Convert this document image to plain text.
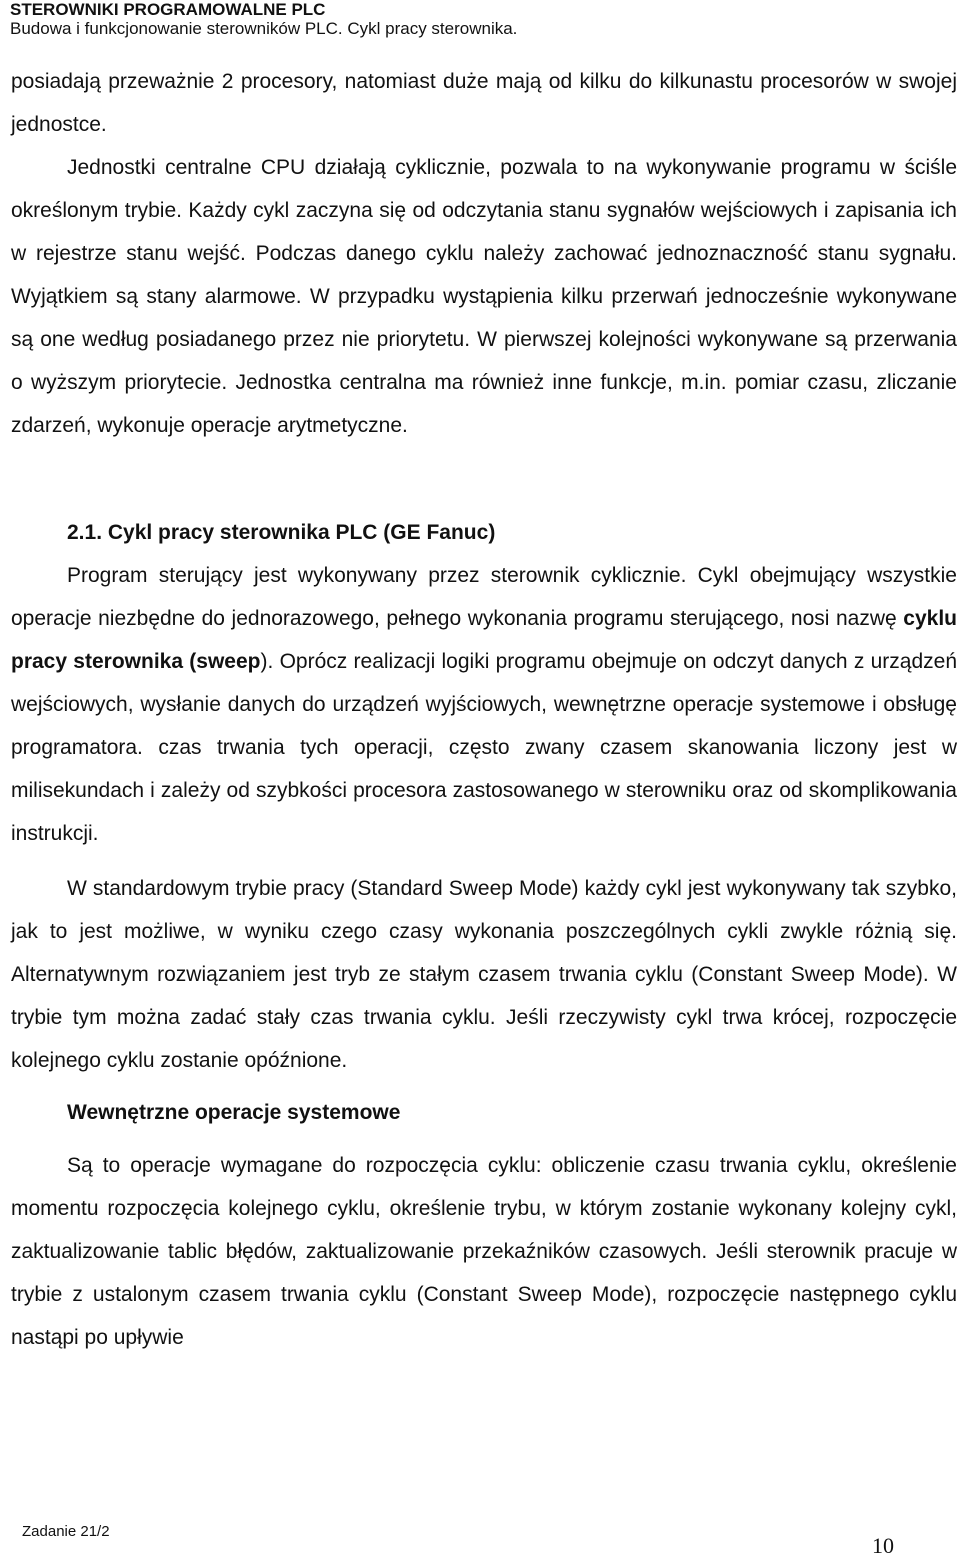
STEROWNIKI PROGRAMOWALNE PLC
Budowa i funkcjonowanie sterowników PLC. Cykl pracy sterownika.

posiadają przeważnie 2 procesory, natomiast duże mają od kilku do kilkunastu procesorów w swojej jednostce.

Jednostki centralne CPU działają cyklicznie, pozwala to na wykonywanie programu w ściśle określonym trybie. Każdy cykl zaczyna się od odczytania stanu sygnałów wejściowych i zapisania ich w rejestrze stanu wejść. Podczas danego cyklu należy zachować jednoznaczność stanu sygnału. Wyjątkiem są stany alarmowe. W przypadku wystąpienia kilku przerwań jednocześnie wykonywane są one według posiadanego przez nie priorytetu. W pierwszej kolejności wykonywane są przerwania o wyższym priorytecie. Jednostka centralna ma również inne funkcje, m.in. pomiar czasu, zliczanie zdarzeń, wykonuje operacje arytmetyczne.

2.1. Cykl pracy sterownika PLC (GE Fanuc)

Program sterujący jest wykonywany przez sterownik cyklicznie. Cykl obejmujący wszystkie operacje niezbędne do jednorazowego, pełnego wykonania programu sterującego, nosi nazwę cyklu pracy sterownika (sweep). Oprócz realizacji logiki programu obejmuje on odczyt danych z urządzeń wejściowych, wysłanie danych do urządzeń wyjściowych, wewnętrzne operacje systemowe i obsługę programatora. czas trwania tych operacji, często zwany czasem skanowania liczony jest w milisekundach i zależy od szybkości procesora zastosowanego w sterowniku oraz od skomplikowania instrukcji.

W standardowym trybie pracy (Standard Sweep Mode) każdy cykl jest wykonywany tak szybko, jak to jest możliwe, w wyniku czego czasy wykonania poszczególnych cykli zwykle różnią się. Alternatywnym rozwiązaniem jest tryb ze stałym czasem trwania cyklu (Constant Sweep Mode). W trybie tym można zadać stały czas trwania cyklu. Jeśli rzeczywisty cykl trwa krócej, rozpoczęcie kolejnego cyklu zostanie opóźnione.

Wewnętrzne operacje systemowe

Są to operacje wymagane do rozpoczęcia cyklu: obliczenie czasu trwania cyklu, określenie momentu rozpoczęcia kolejnego cyklu, określenie trybu, w którym zostanie wykonany kolejny cykl, zaktualizowanie tablic błędów, zaktualizowanie przekaźników czasowych. Jeśli sterownik pracuje w trybie z ustalonym czasem trwania cyklu (Constant Sweep Mode), rozpoczęcie następnego cyklu nastąpi po upływie

Zadanie 21/2
10
